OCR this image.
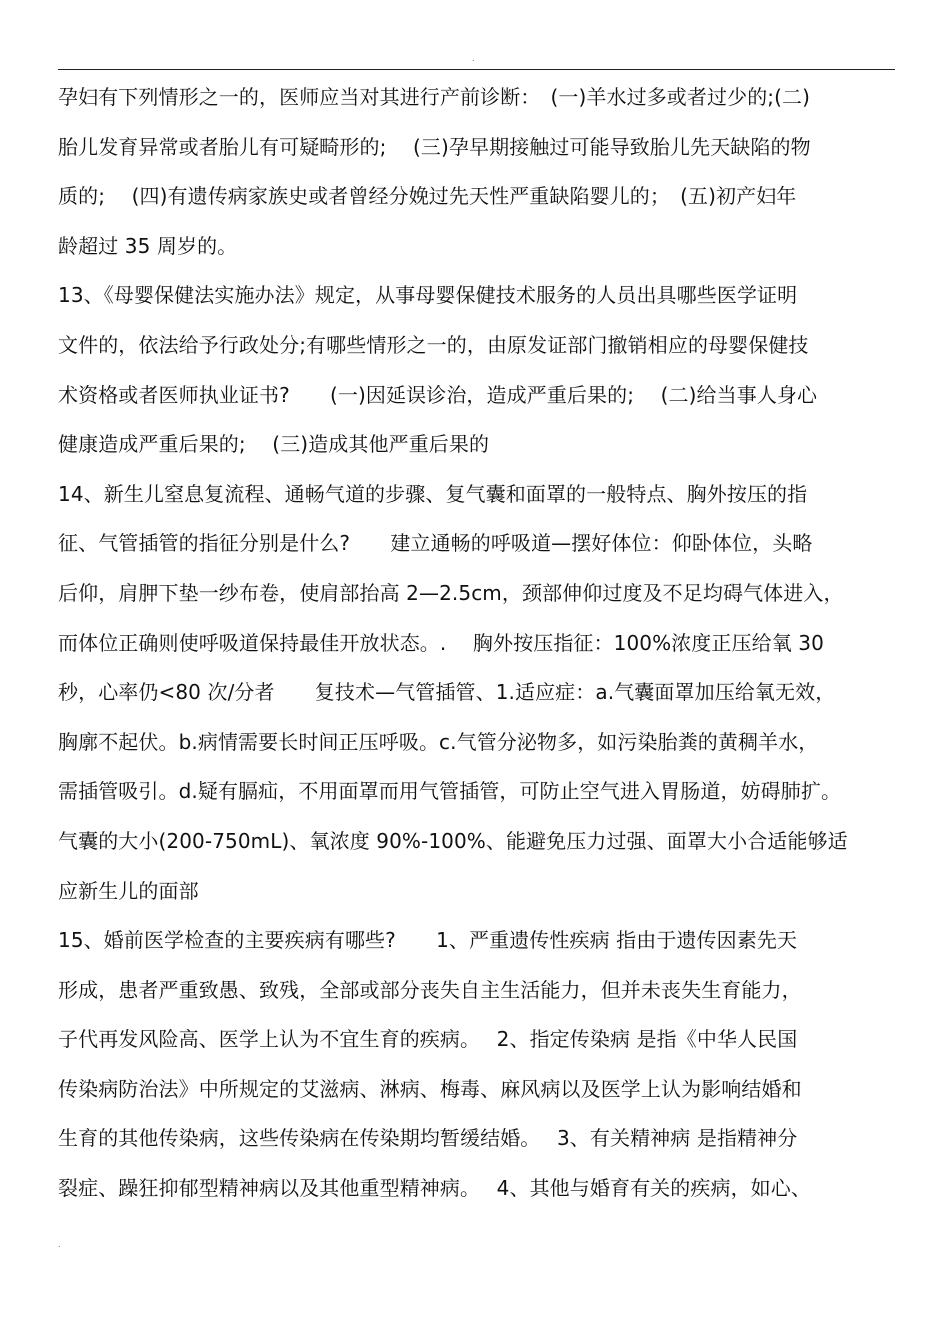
.
孕妇有下列情形之一的，医师应当对其进行产前诊断：　(一)羊水过多或者过少的;(二)
胎儿发育异常或者胎儿有可疑畸形的;　 (三)孕早期接触过可能导致胎儿先天缺陷的物
质的;　 (四)有遗传病家族史或者曾经分娩过先天性严重缺陷婴儿的；　(五)初产妇年
龄超过 35 周岁的。
13、《母婴保健法实施办法》规定，从事母婴保健技术服务的人员出具哪些医学证明
文件的，依法给予行政处分;有哪些情形之一的，由原发证部门撤销相应的母婴保健技
术资格或者医师执业证书?　　(一)因延误诊治，造成严重后果的;　 (二)给当事人身心
健康造成严重后果的;　 (三)造成其他严重后果的
14、新生儿窒息复流程、通畅气道的步骤、复气囊和面罩的一般特点、胸外按压的指
征、气管插管的指征分别是什么?　　建立通畅的呼吸道—摆好体位：仰卧体位，头略
后仰，肩胛下垫一纱布卷，使肩部抬高 2—2.5cm，颈部伸仰过度及不足均碍气体进入，
而体位正确则使呼吸道保持最佳开放状态。.　 胸外按压指征：100%浓度正压给氧 30
秒，心率仍<80 次/分者　　复技术—气管插管、1.适应症：a.气囊面罩加压给氧无效，
胸廓不起伏。b.病情需要长时间正压呼吸。c.气管分泌物多，如污染胎粪的黄稠羊水，
需插管吸引。d.疑有膈疝，不用面罩而用气管插管，可防止空气进入胃肠道，妨碍肺扩。
气囊的大小(200-750mL)、氧浓度 90%-100%、能避免压力过强、面罩大小合适能够适
应新生儿的面部
15、婚前医学检查的主要疾病有哪些?　　1、严重遗传性疾病 指由于遗传因素先天
形成，患者严重致愚、致残，全部或部分丧失自主生活能力，但并未丧失生育能力，
子代再发风险高、医学上认为不宜生育的疾病。　 2、指定传染病 是指《中华人民国
传染病防治法》中所规定的艾滋病、淋病、梅毒、麻风病以及医学上认为影响结婚和
生育的其他传染病，这些传染病在传染期均暂缓结婚。　 3、有关精神病 是指精神分
裂症、躁狂抑郁型精神病以及其他重型精神病。　 4、其他与婚育有关的疾病，如心、
.
